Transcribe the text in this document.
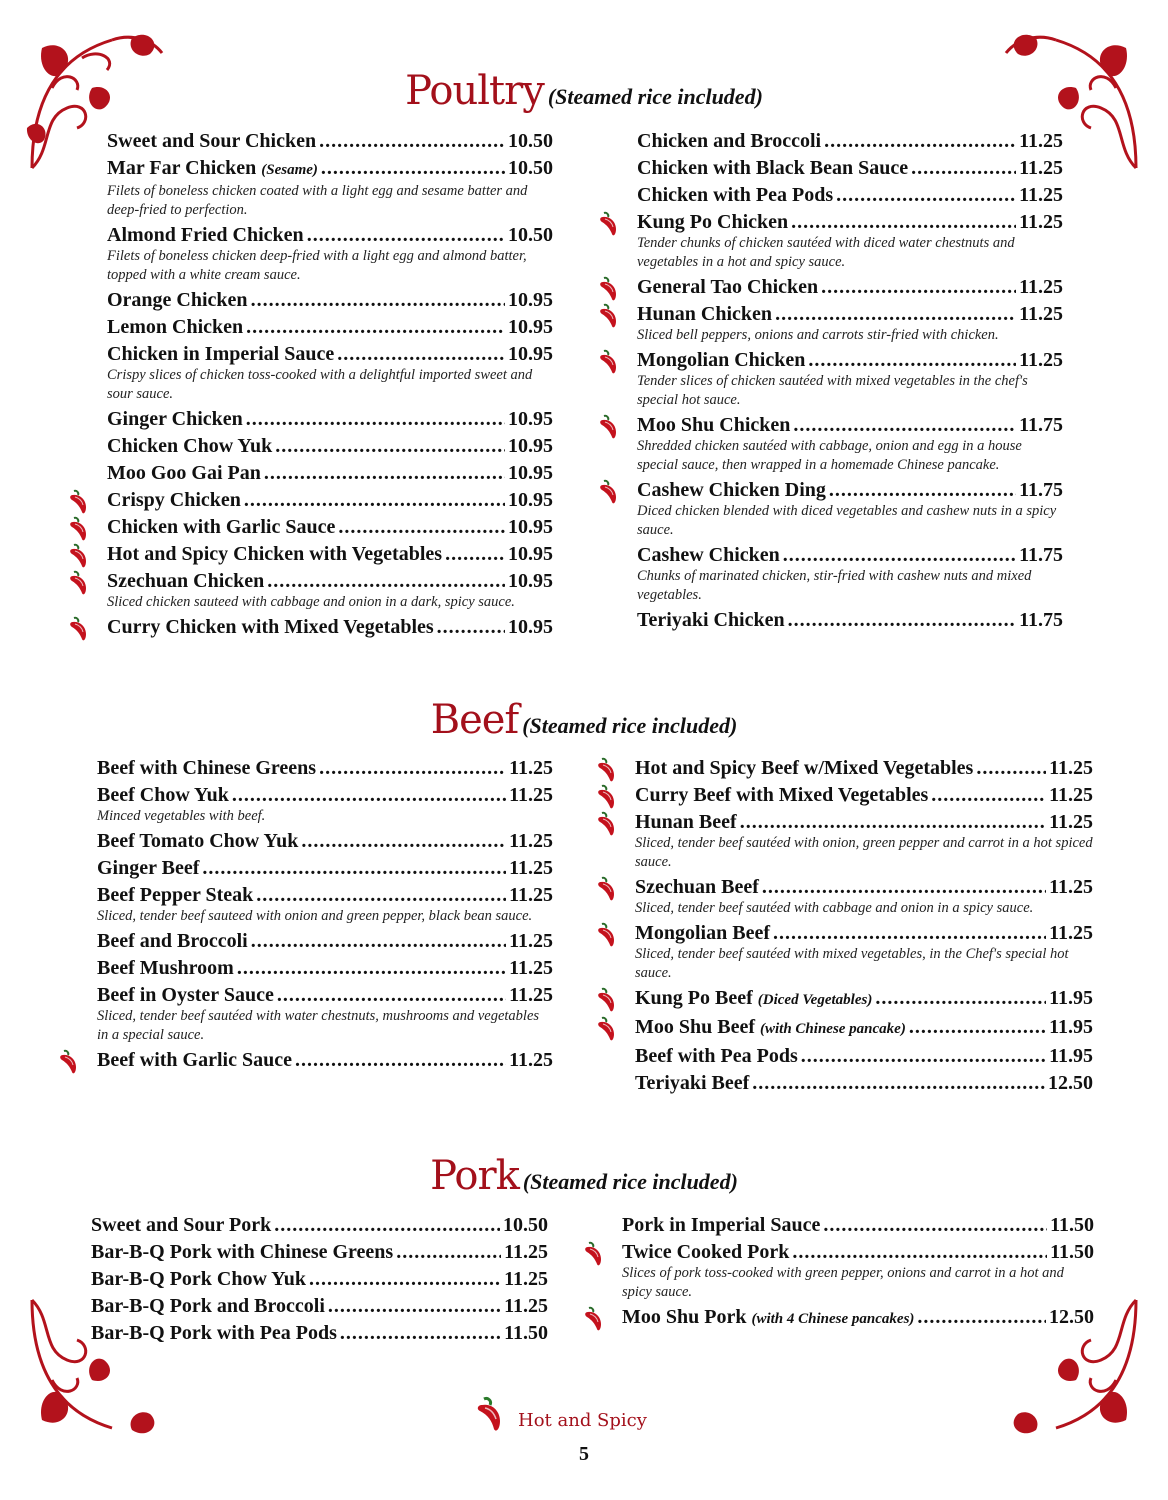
Poultry (Steamed rice included)
Sweet and Sour Chicken .....	10.50
Mar Far Chicken (Sesame) .....	10.50
Filets of boneless chicken coated with a light egg and sesame batter and deep-fried to perfection.
Almond Fried Chicken .....	10.50
Filets of boneless chicken deep-fried with a light egg and almond batter, topped with a white cream sauce.
Orange Chicken .....	10.95
Lemon Chicken .....	10.95
Chicken in Imperial Sauce .....	10.95
Crispy slices of chicken toss-cooked with a delightful imported sweet and sour sauce.
Ginger Chicken .....	10.95
Chicken Chow Yuk .....	10.95
Moo Goo Gai Pan .....	10.95
Crispy Chicken .....	10.95
Chicken with Garlic Sauce .....	10.95
Hot and Spicy Chicken with Vegetables .....	10.95
Szechuan Chicken .....	10.95
Sliced chicken sauteed with cabbage and onion in a dark, spicy sauce.
Curry Chicken with Mixed Vegetables .....	10.95
Chicken and Broccoli .....	11.25
Chicken with Black Bean Sauce .....	11.25
Chicken with Pea Pods .....	11.25
Kung Po Chicken .....	11.25
Tender chunks of chicken sautéed with diced water chestnuts and vegetables in a hot and spicy sauce.
General Tao Chicken .....	11.25
Hunan Chicken .....	11.25
Sliced bell peppers, onions and carrots stir-fried with chicken.
Mongolian Chicken .....	11.25
Tender slices of chicken sautéed with mixed vegetables in the chef's special hot sauce.
Moo Shu Chicken .....	11.75
Shredded chicken sautéed with cabbage, onion and egg in a house special sauce, then wrapped in a homemade Chinese pancake.
Cashew Chicken Ding .....	11.75
Diced chicken blended with diced vegetables and cashew nuts in a spicy sauce.
Cashew Chicken .....	11.75
Chunks of marinated chicken, stir-fried with cashew nuts and mixed vegetables.
Teriyaki Chicken .....	11.75
Beef (Steamed rice included)
Beef with Chinese Greens .....	11.25
Beef Chow Yuk .....	11.25
Minced vegetables with beef.
Beef Tomato Chow Yuk .....	11.25
Ginger Beef .....	11.25
Beef Pepper Steak .....	11.25
Sliced, tender beef sauteed with onion and green pepper, black bean sauce.
Beef and Broccoli .....	11.25
Beef Mushroom .....	11.25
Beef in Oyster Sauce .....	11.25
Sliced, tender beef sautéed with water chestnuts, mushrooms and vegetables in a special sauce.
Beef with Garlic Sauce .....	11.25
Hot and Spicy Beef w/Mixed Vegetables .....	11.25
Curry Beef with Mixed Vegetables .....	11.25
Hunan Beef .....	11.25
Sliced, tender beef sautéed with onion, green pepper and carrot in a hot spiced sauce.
Szechuan Beef .....	11.25
Sliced, tender beef sautéed with cabbage and onion in a spicy sauce.
Mongolian Beef .....	11.25
Sliced, tender beef sautéed with mixed vegetables, in the Chef's special hot sauce.
Kung Po Beef (Diced Vegetables) .....	11.95
Moo Shu Beef (with Chinese pancake) .....	11.95
Beef with Pea Pods .....	11.95
Teriyaki Beef .....	12.50
Pork (Steamed rice included)
Sweet and Sour Pork .....	10.50
Bar-B-Q Pork with Chinese Greens .....	11.25
Bar-B-Q Pork Chow Yuk .....	11.25
Bar-B-Q Pork and Broccoli .....	11.25
Bar-B-Q Pork with Pea Pods .....	11.50
Pork in Imperial Sauce .....	11.50
Twice Cooked Pork .....	11.50
Slices of pork toss-cooked with green pepper, onions and carrot in a hot and spicy sauce.
Moo Shu Pork (with 4 Chinese pancakes) .....	12.50
Hot and Spicy
5
